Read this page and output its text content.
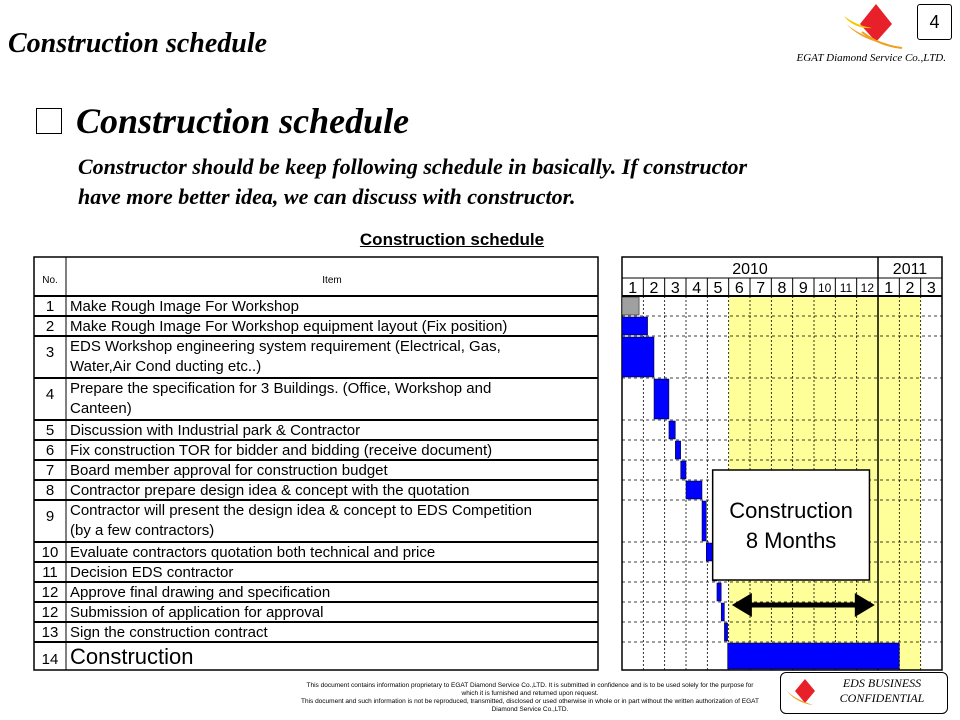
Construction schedule
4
EGAT Diamond Service Co.,LTD.
Construction schedule
Constructor should be keep following schedule in basically. If constructor
have more better idea, we can discuss with constructor.
Construction schedule
No.	Item
2010	2011
1 2 3 4 5 6 7 8 9 10 11 12 1 2 3
1 Make Rough Image For Workshop
2 Make Rough Image For Workshop equipment layout (Fix position)
3 EDS Workshop engineering system requirement (Electrical, Gas,
Water,Air Cond ducting etc..)
4 Prepare the specification for 3 Buildings. (Office, Workshop and
Canteen)
5 Discussion with Industrial park & Contractor
6 Fix construction TOR for bidder and bidding (receive document)
7 Board member approval for construction budget
8 Contractor prepare design idea & concept with the quotation
9 Contractor will present the design idea & concept to EDS Competition
(by a few contractors)
10 Evaluate contractors quotation both technical and price
11 Decision EDS contractor
12 Approve final drawing and specification
12 Submission of application for approval
13 Sign the construction contract
14 Construction
Construction
8 Months
This document contains information proprietary to EGAT Diamond Service Co.,LTD. It is submitted in confidence and is to be used solely for the purpose for which it is furnished and returned upon request.
This document and such information is not be reproduced, transmitted, disclosed or used otherwise in whole or in part without the written authorization of EGAT Diamond Service Co.,LTD.
EDS BUSINESS
CONFIDENTIAL
